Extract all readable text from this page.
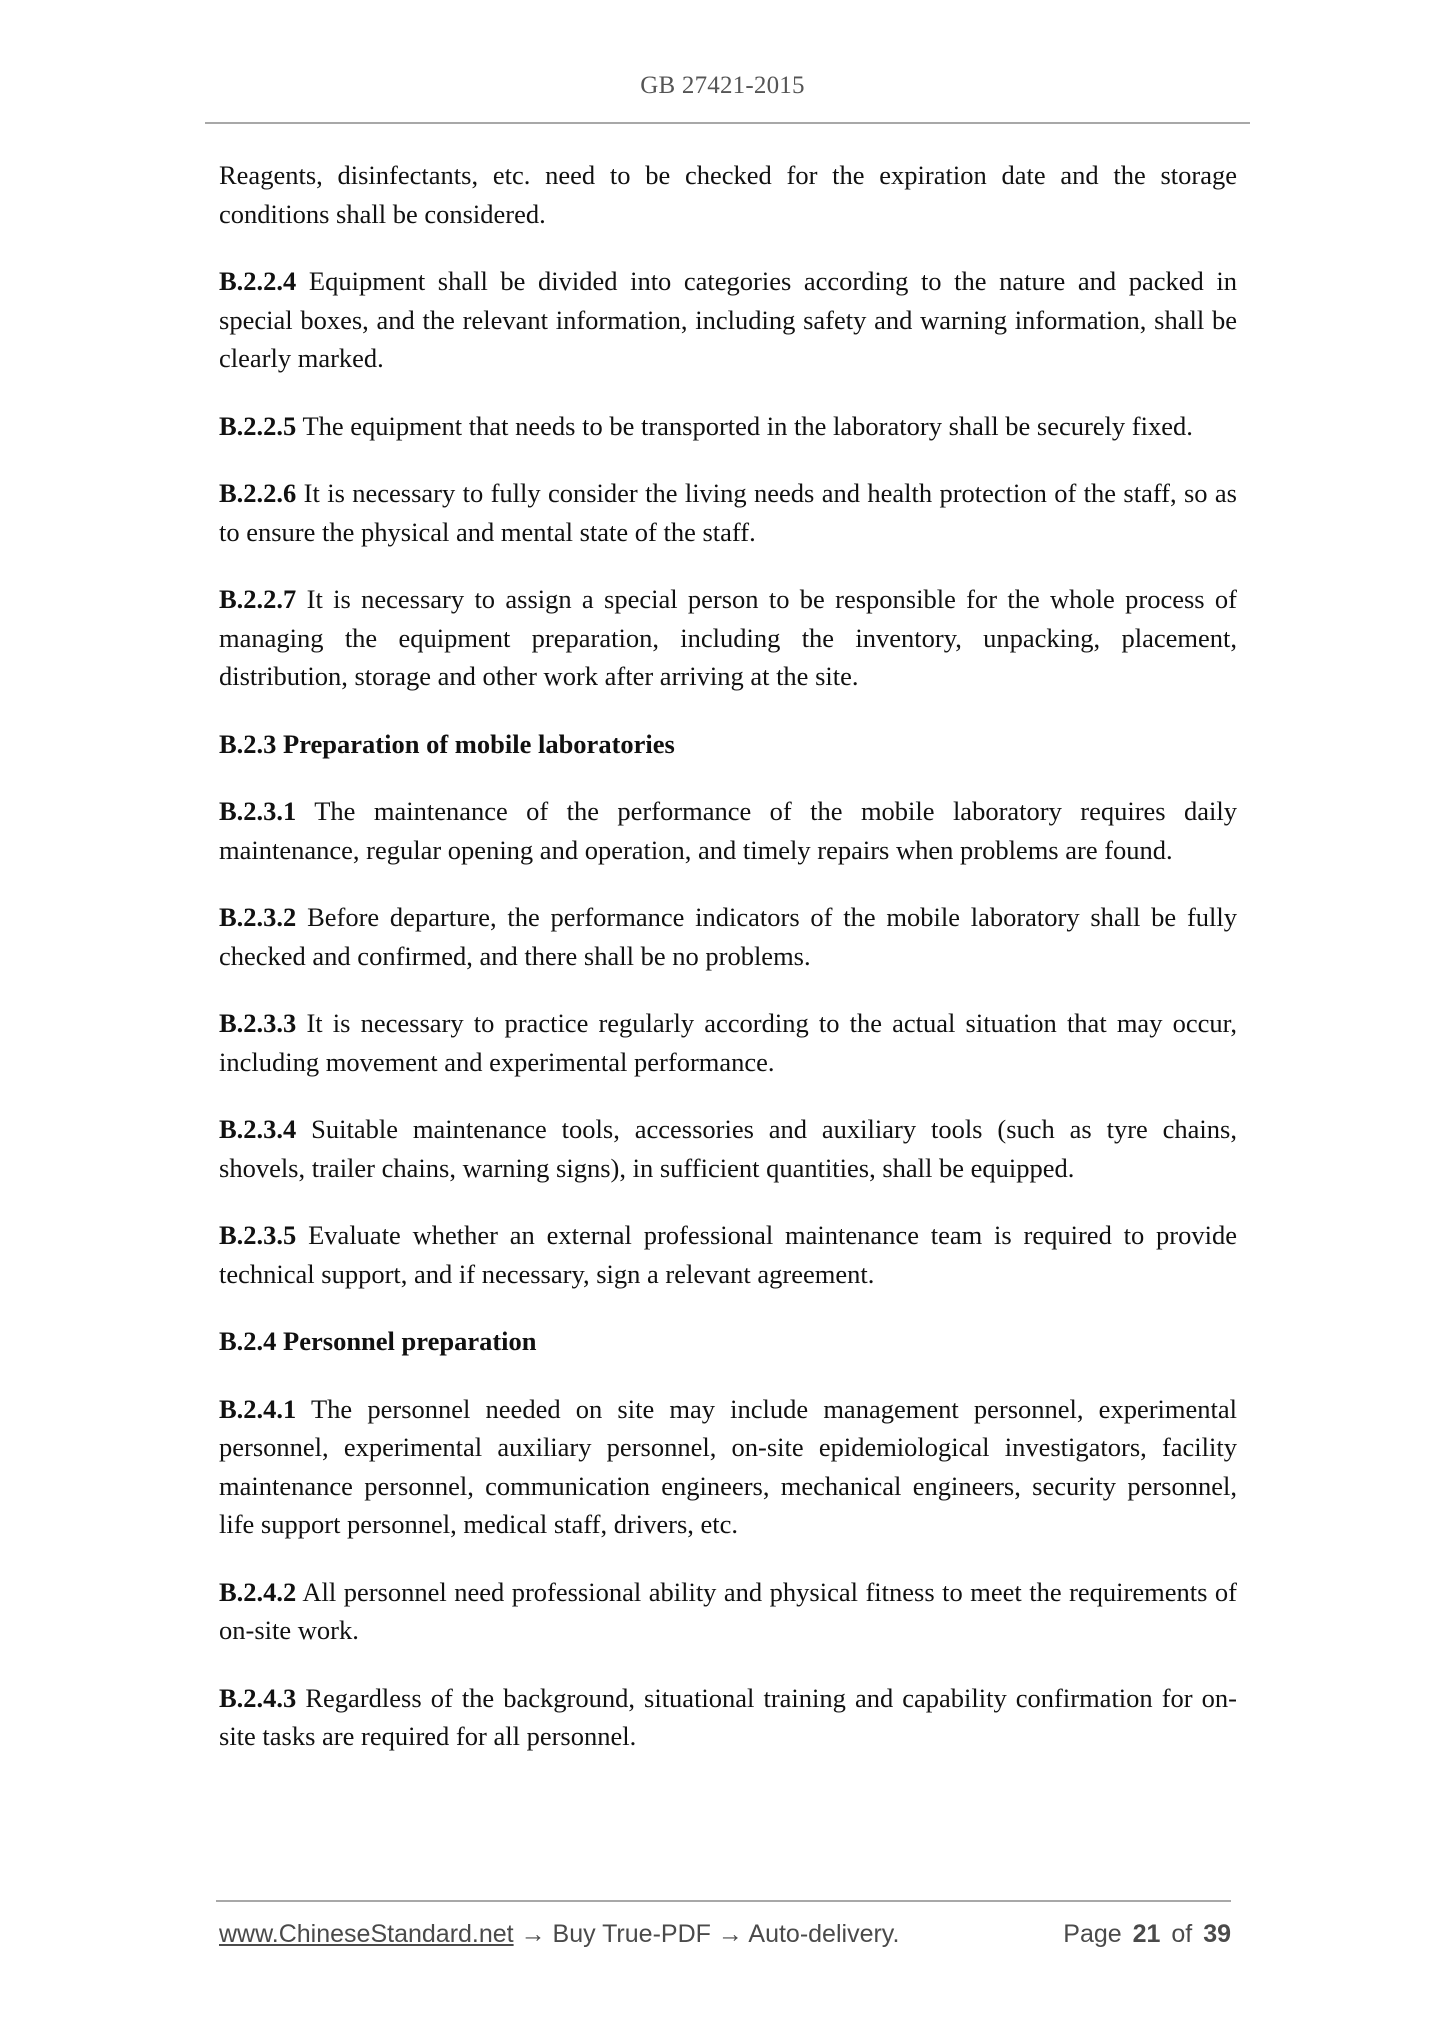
GB 27421-2015

Reagents, disinfectants, etc. need to be checked for the expiration date and the storage conditions shall be considered.

B.2.2.4 Equipment shall be divided into categories according to the nature and packed in special boxes, and the relevant information, including safety and warning information, shall be clearly marked.

B.2.2.5 The equipment that needs to be transported in the laboratory shall be securely fixed.

B.2.2.6 It is necessary to fully consider the living needs and health protection of the staff, so as to ensure the physical and mental state of the staff.

B.2.2.7 It is necessary to assign a special person to be responsible for the whole process of managing the equipment preparation, including the inventory, unpacking, placement, distribution, storage and other work after arriving at the site.

B.2.3 Preparation of mobile laboratories

B.2.3.1 The maintenance of the performance of the mobile laboratory requires daily maintenance, regular opening and operation, and timely repairs when problems are found.

B.2.3.2 Before departure, the performance indicators of the mobile laboratory shall be fully checked and confirmed, and there shall be no problems.

B.2.3.3 It is necessary to practice regularly according to the actual situation that may occur, including movement and experimental performance.

B.2.3.4 Suitable maintenance tools, accessories and auxiliary tools (such as tyre chains, shovels, trailer chains, warning signs), in sufficient quantities, shall be equipped.

B.2.3.5 Evaluate whether an external professional maintenance team is required to provide technical support, and if necessary, sign a relevant agreement.

B.2.4 Personnel preparation

B.2.4.1 The personnel needed on site may include management personnel, experimental personnel, experimental auxiliary personnel, on-site epidemiological investigators, facility maintenance personnel, communication engineers, mechanical engineers, security personnel, life support personnel, medical staff, drivers, etc.

B.2.4.2 All personnel need professional ability and physical fitness to meet the requirements of on-site work.

B.2.4.3 Regardless of the background, situational training and capability confirmation for on-site tasks are required for all personnel.

www.ChineseStandard.net → Buy True-PDF → Auto-delivery.	Page 21 of 39
